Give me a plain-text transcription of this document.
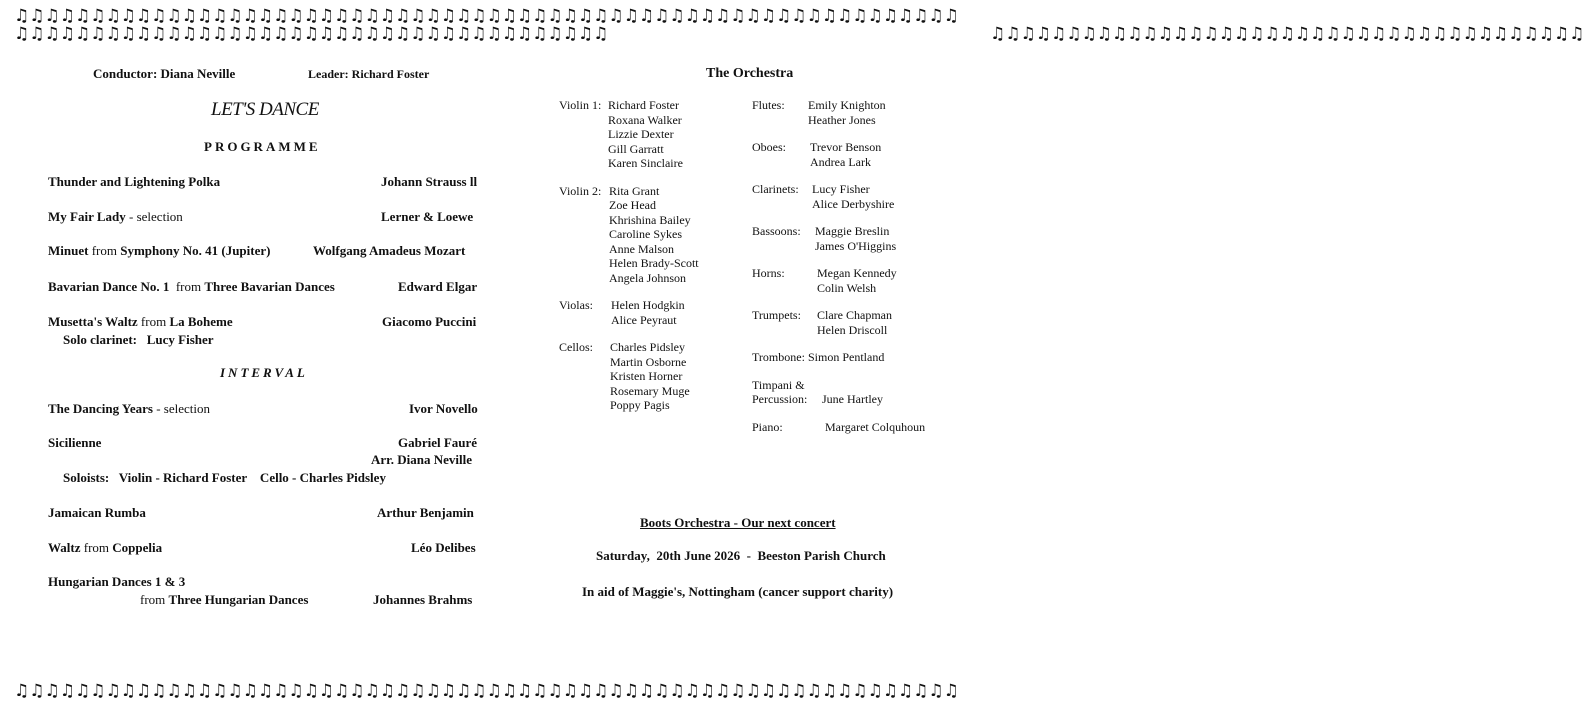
♫♫♫♫♫♫♫♫♫♫♫♫♫♫♫♫♫♫♫♫♫♫♫♫♫♫♫♫♫♫♫♫♫♫♫♫♫♫♫♫♫♫♫♫♫♫♫♫♫♫♫♫♫♫♫♫♫♫♫♫♫♫
♫♫♫♫♫♫♫♫♫♫♫♫♫♫♫♫♫♫♫♫♫♫♫♫♫♫♫♫♫♫♫♫♫♫♫♫♫♫♫♫♫♫♫♫♫♫♫♫♫♫♫♫♫♫♫♫♫♫♫♫♫♫
♫♫♫♫♫♫♫♫♫♫♫♫♫♫♫♫♫♫♫♫♫♫♫♫♫♫♫♫♫♫♫♫♫♫♫♫♫♫♫	♫♫♫♫♫♫♫♫♫♫♫♫♫♫♫♫♫♫♫♫♫♫♫♫♫♫♫♫♫♫♫♫♫♫♫♫♫♫♫
Conductor: Diana Neville	Leader: Richard Foster
LET'S DANCE
PROGRAMME
Thunder and Lightening Polka	Johann Strauss ll
My Fair Lady - selection	Lerner & Loewe
Minuet from Symphony No. 41 (Jupiter)	Wolfgang Amadeus Mozart
Bavarian Dance No. 1  from Three Bavarian Dances	Edward Elgar
Musetta's Waltz from La Boheme	Giacomo Puccini
Solo clarinet:   Lucy Fisher
INTERVAL
The Dancing Years - selection	Ivor Novello
Sicilienne	Gabriel Fauré
Arr. Diana Neville
Soloists:   Violin - Richard Foster    Cello - Charles Pidsley
Jamaican Rumba	Arthur Benjamin
Waltz from Coppelia	Léo Delibes
Hungarian Dances 1 & 3
from Three Hungarian Dances	Johannes Brahms
The Orchestra
Violin 1: Richard Foster
Roxana Walker
Lizzie Dexter
Gill Garratt
Karen Sinclaire
Violin 2: Rita Grant
Zoe Head
Khrishina Bailey
Caroline Sykes
Anne Malson
Helen Brady-Scott
Angela Johnson
Violas: Helen Hodgkin
Alice Peyraut
Cellos: Charles Pidsley
Martin Osborne
Kristen Horner
Rosemary Muge
Poppy Pagis
Flutes: Emily Knighton
Heather Jones
Oboes: Trevor Benson
Andrea Lark
Clarinets: Lucy Fisher
Alice Derbyshire
Bassoons: Maggie Breslin
James O'Higgins
Horns:	Megan Kennedy
Colin Welsh
Trumpets: Clare Chapman
Helen Driscoll
Trombone: Simon Pentland
Timpani &
Percussion: June Hartley
Piano:	Margaret Colquhoun
Boots Orchestra - Our next concert
Saturday,  20th June 2026  -  Beeston Parish Church
In aid of Maggie's, Nottingham (cancer support charity)
